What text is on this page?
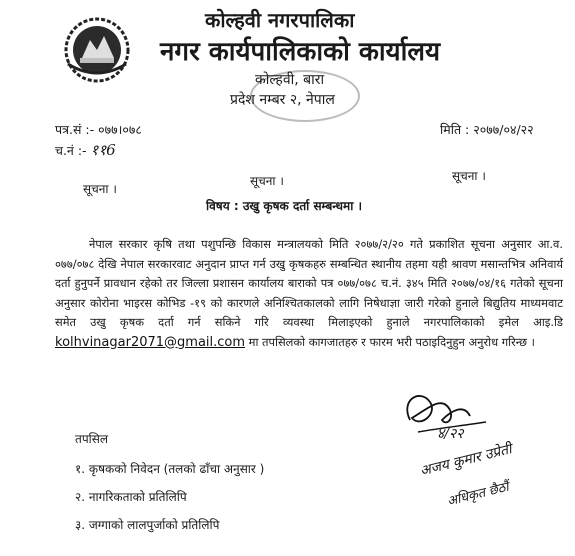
कोल्हवी नगरपालिका
नगर कार्यपालिकाको कार्यालय
कोल्हवी, बारा
प्रदेश नम्बर २, नेपाल
पत्र.सं :- ०७७।०७८
च.नं :- ११6
मिति : २०७७/०४/२२
सूचना ।
सूचना ।	सूचना ।
विषय : उखु कृषक दर्ता सम्बन्धमा ।
नेपाल सरकार कृषि तथा पशुपन्छि विकास मन्त्रालयको मिति २०७७/२/२० गते प्रकाशित सूचना अनुसार आ.व. ०७७/०७८ देखि नेपाल सरकारवाट अनुदान प्राप्त गर्न उखु कृषकहरु सम्बन्धित स्थानीय तहमा यही श्रावण मसान्तभित्र अनिवार्य दर्ता हुनुपर्ने प्रावधान रहेको तर जिल्ला प्रशासन कार्यालय बाराको पत्र ०७७/०७८ च.नं. ३४५ मिति २०७७/०४/१६ गतेको सूचना अनुसार कोरोना भाइरस कोभिड -१९ को कारणले अनिश्चितकालको लागि निषेधाज्ञा जारी गरेको हुनाले बिद्युतिय माध्यमवाट समेत उखु कृषक दर्ता गर्न सकिने गरि व्यवस्था मिलाइएको हुनाले नगरपालिकाको इमेल आइ.डि kolhvinagar2071@gmail.com मा तपसिलको कागजातहरु र फारम भरी पठाइदिनुहुन अनुरोध गरिन्छ ।
४/२२
अजय कुमार उप्रेती
अधिकृत छैठौं
तपसिल
१. कृषकको निवेदन (तलको ढाँचा अनुसार )
२. नागरिकताको प्रतिलिपि
३. जग्गाको लालपुर्जाको प्रतिलिपि
